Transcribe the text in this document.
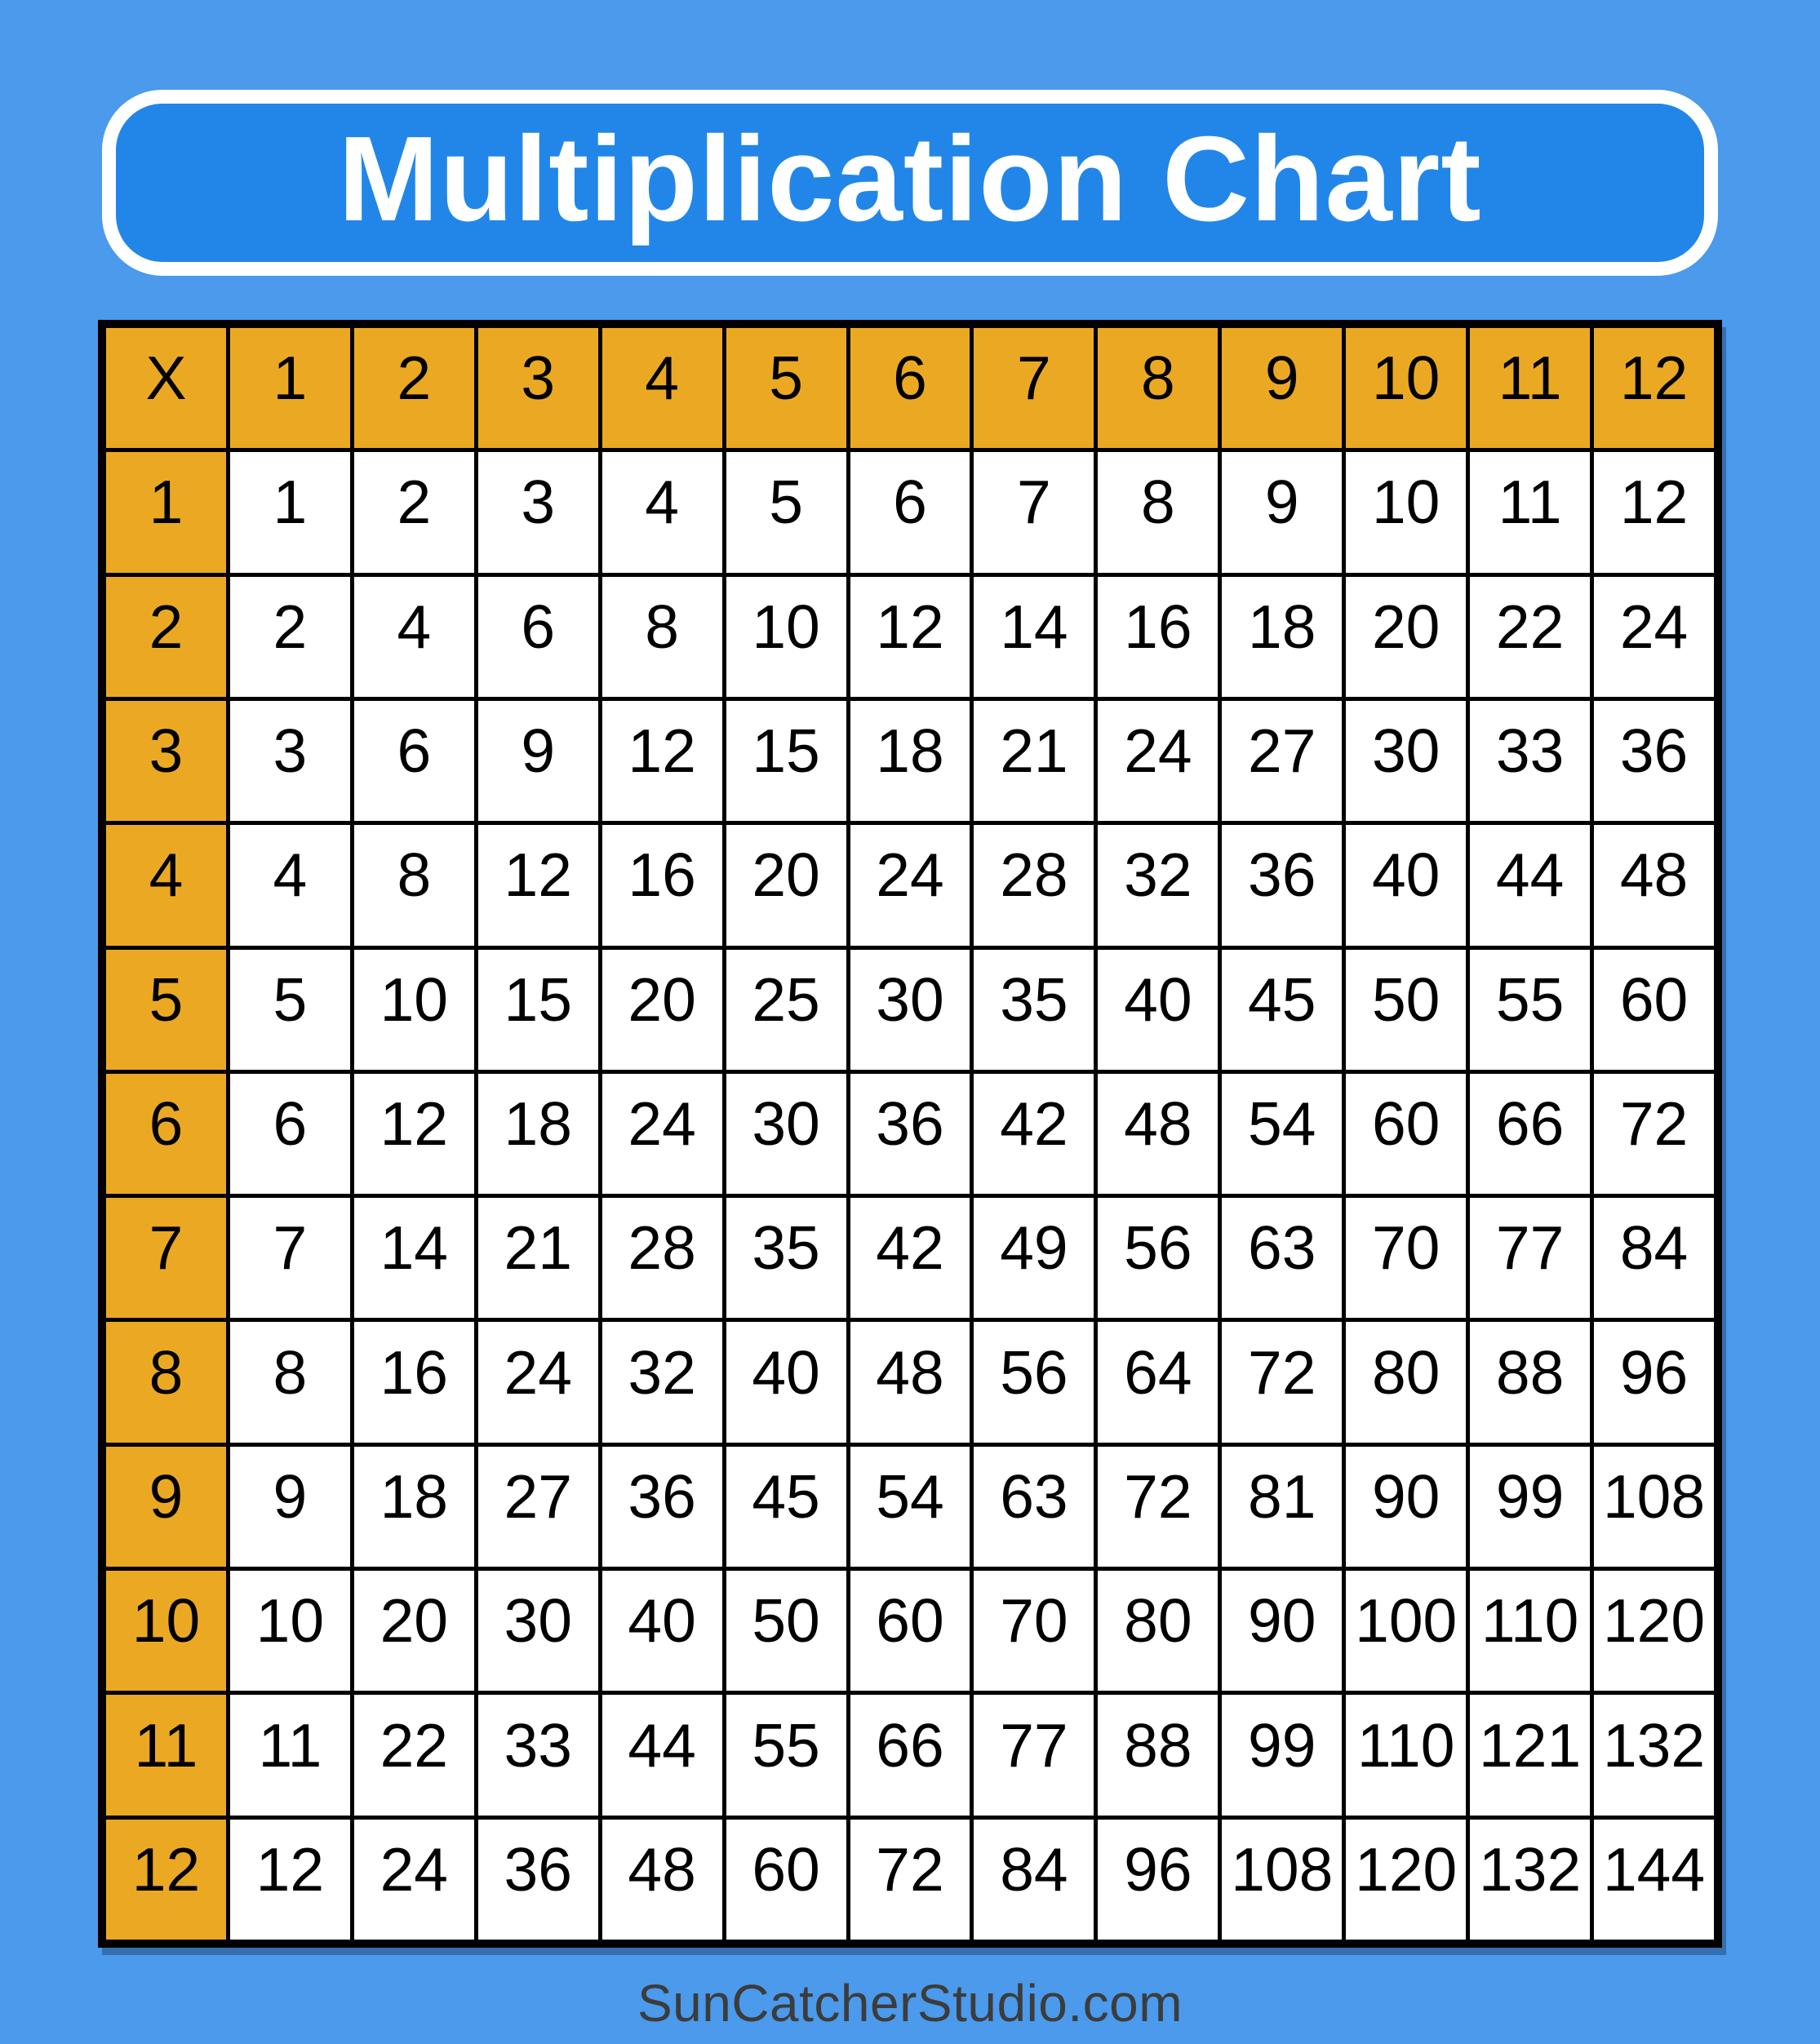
Multiplication Chart
X	1	2	3	4	5	6	7	8	9	10 11 12
1	1	2	3	4	5	6	7	8	9	10 11 12
2	2	4	6	8	10 12 14 16 18 20 22 24
3	3	6	9	12 15 18 21 24 27 30 33 36
4	4	8	12 16 20 24 28 32 36 40 44 48
5	5	10 15 20 25 30 35 40 45 50 55 60
6	6	12 18 24 30 36 42 48 54 60 66 72
7	7	14 21 28 35 42 49 56 63 70 77 84
8	8	16 24 32 40 48 56 64 72 80 88 96
9	9	18 27 36 45 54 63 72 81 90 99 108
10 10 20 30 40 50 60 70 80 90 100 110 120
11 11 22 33 44 55 66 77 88 99 110 121 132
12 12 24 36 48 60 72 84 96 108 120 132 144
SunCatcherStudio.com
